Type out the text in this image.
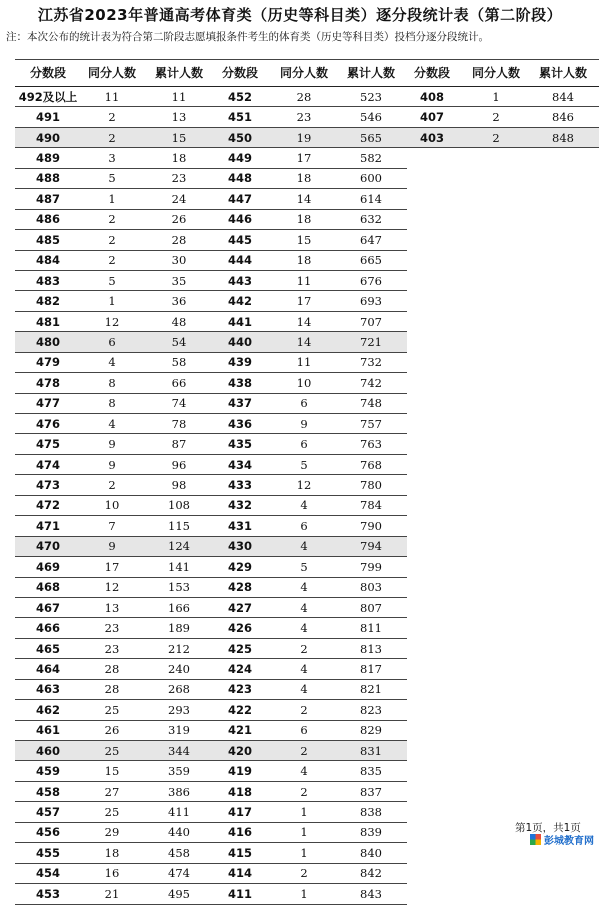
江苏省2023年普通高考体育类（历史等科目类）逐分段统计表（第二阶段）
注：本次公布的统计表为符合第二阶段志愿填报条件考生的体育类（历史等科目类）投档分逐分段统计。
分数段	同分人数	累计人数
492及以上	11	11
491	2	13
490	2	15
489	3	18
488	5	23
487	1	24
486	2	26
485	2	28
484	2	30
483	5	35
482	1	36
481	12	48
480	6	54
479	4	58
478	8	66
477	8	74
476	4	78
475	9	87
474	9	96
473	2	98
472	10	108
471	7	115
470	9	124
469	17	141
468	12	153
467	13	166
466	23	189
465	23	212
464	28	240
463	28	268
462	25	293
461	26	319
460	25	344
459	15	359
458	27	386
457	25	411
456	29	440
455	18	458
454	16	474
453	21	495
分数段	同分人数	累计人数
452	28	523
451	23	546
450	19	565
449	17	582
448	18	600
447	14	614
446	18	632
445	15	647
444	18	665
443	11	676
442	17	693
441	14	707
440	14	721
439	11	732
438	10	742
437	6	748
436	9	757
435	6	763
434	5	768
433	12	780
432	4	784
431	6	790
430	4	794
429	5	799
428	4	803
427	4	807
426	4	811
425	2	813
424	4	817
423	4	821
422	2	823
421	6	829
420	2	831
419	4	835
418	2	837
417	1	838
416	1	839
415	1	840
414	2	842
411	1	843
分数段	同分人数	累计人数
408	1	844
407	2	846
403	2	848
第1页，共1页
彭城教育网
